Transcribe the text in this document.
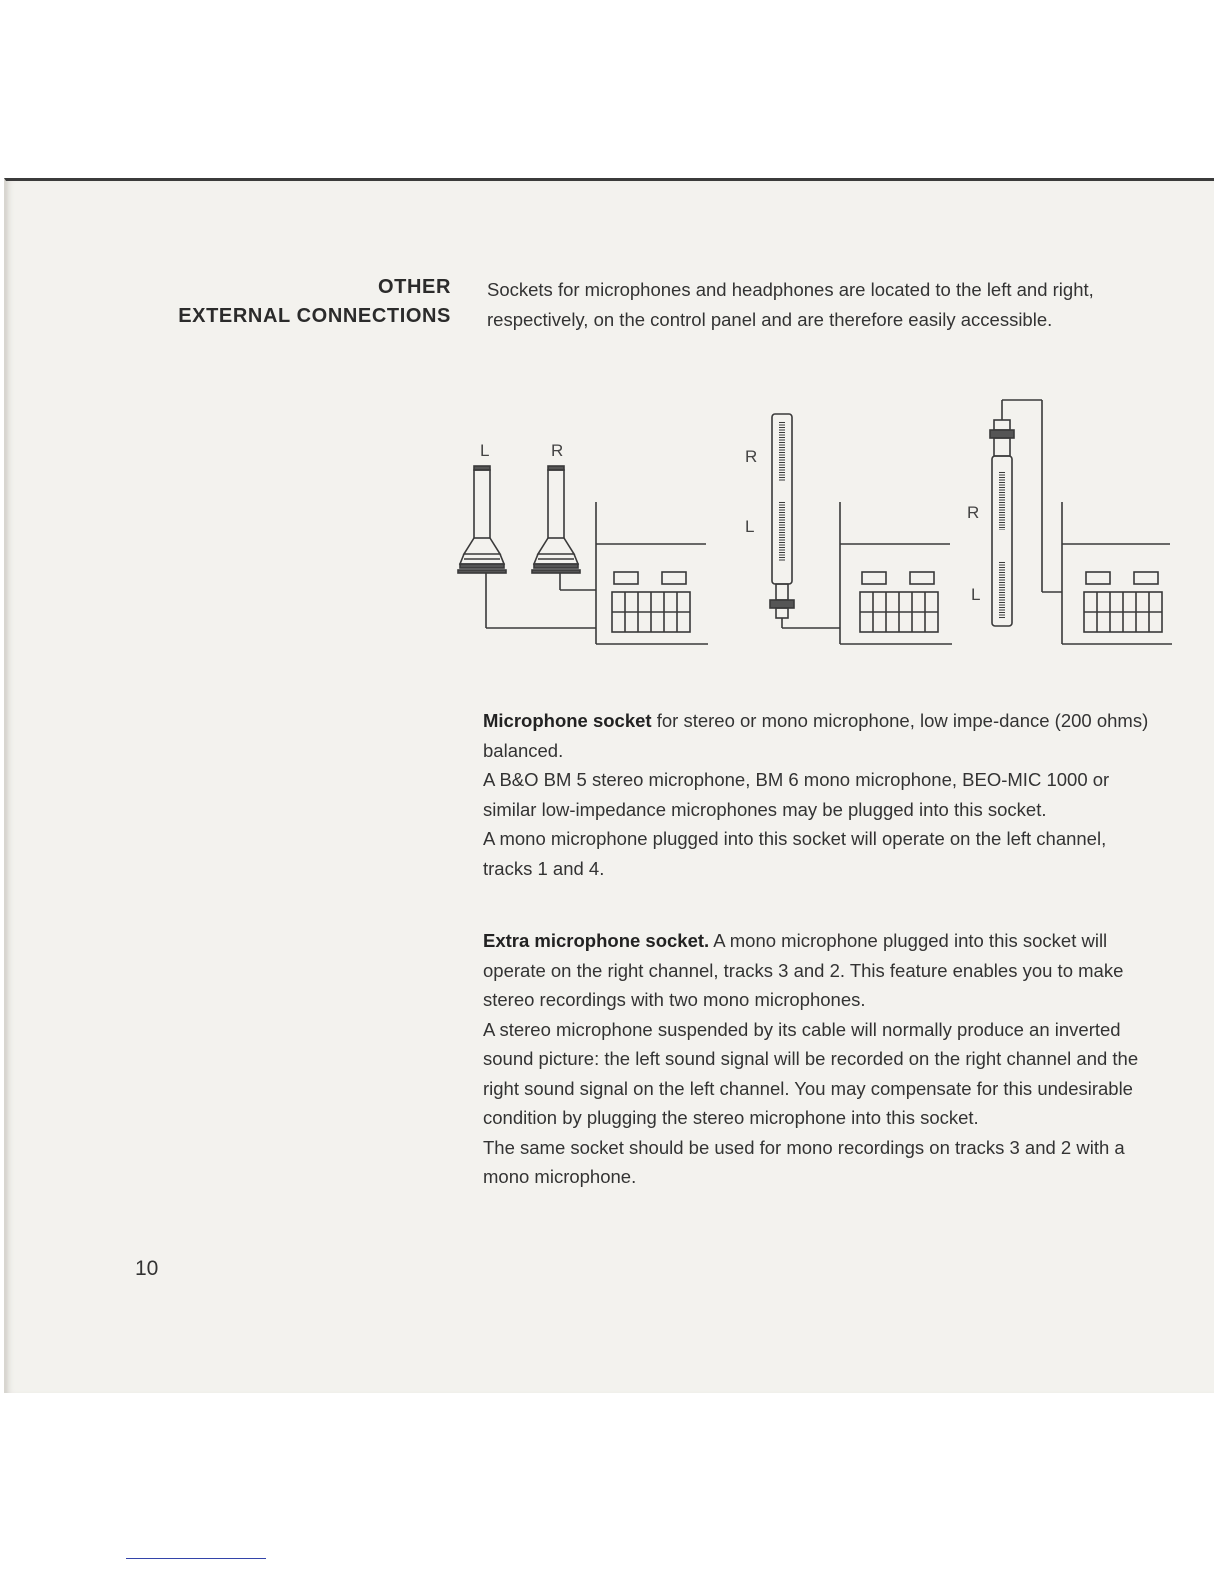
OTHER
EXTERNAL CONNECTIONS

Sockets for microphones and headphones are located to the left and right, respectively, on the control panel and are therefore easily accessible.

L	R	R
L
R
L

Microphone socket for stereo or mono microphone, low impe-dance (200 ohms) balanced.

A B&O BM 5 stereo microphone, BM 6 mono microphone, BEO-MIC 1000 or similar low-impedance microphones may be plugged into this socket.

A mono microphone plugged into this socket will operate on the left channel, tracks 1 and 4.

Extra microphone socket. A mono microphone plugged into this socket will operate on the right channel, tracks 3 and 2. This feature enables you to make stereo recordings with two mono microphones.

A stereo microphone suspended by its cable will normally produce an inverted sound picture: the left sound signal will be recorded on the right channel and the right sound signal on the left channel. You may compensate for this undesirable condition by plugging the stereo microphone into this socket.

The same socket should be used for mono recordings on tracks 3 and 2 with a mono microphone.

10
